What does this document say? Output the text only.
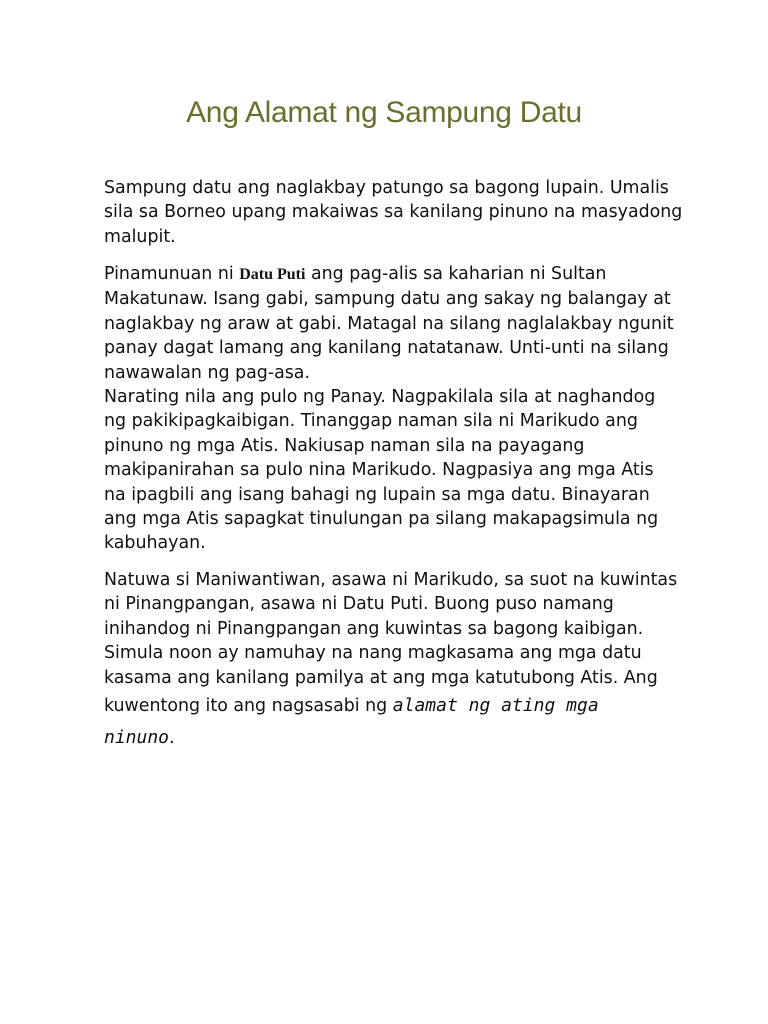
Ang Alamat ng Sampung Datu

Sampung datu ang naglakbay patungo sa bagong lupain. Umalis
sila sa Borneo upang makaiwas sa kanilang pinuno na masyadong
malupit.

Pinamunuan ni Datu Puti ang pag-alis sa kaharian ni Sultan
Makatunaw. Isang gabi, sampung datu ang sakay ng balangay at
naglakbay ng araw at gabi. Matagal na silang naglalakbay ngunit
panay dagat lamang ang kanilang natatanaw. Unti-unti na silang
nawawalan ng pag-asa.
Narating nila ang pulo ng Panay. Nagpakilala sila at naghandog
ng pakikipagkaibigan. Tinanggap naman sila ni Marikudo ang
pinuno ng mga Atis. Nakiusap naman sila na payagang
makipanirahan sa pulo nina Marikudo. Nagpasiya ang mga Atis
na ipagbili ang isang bahagi ng lupain sa mga datu. Binayaran
ang mga Atis sapagkat tinulungan pa silang makapagsimula ng
kabuhayan.

Natuwa si Maniwantiwan, asawa ni Marikudo, sa suot na kuwintas
ni Pinangpangan, asawa ni Datu Puti. Buong puso namang
inihandog ni Pinangpangan ang kuwintas sa bagong kaibigan.
Simula noon ay namuhay na nang magkasama ang mga datu
kasama ang kanilang pamilya at ang mga katutubong Atis. Ang
kuwentong ito ang nagsasabi ng alamat ng ating mga
ninuno.
